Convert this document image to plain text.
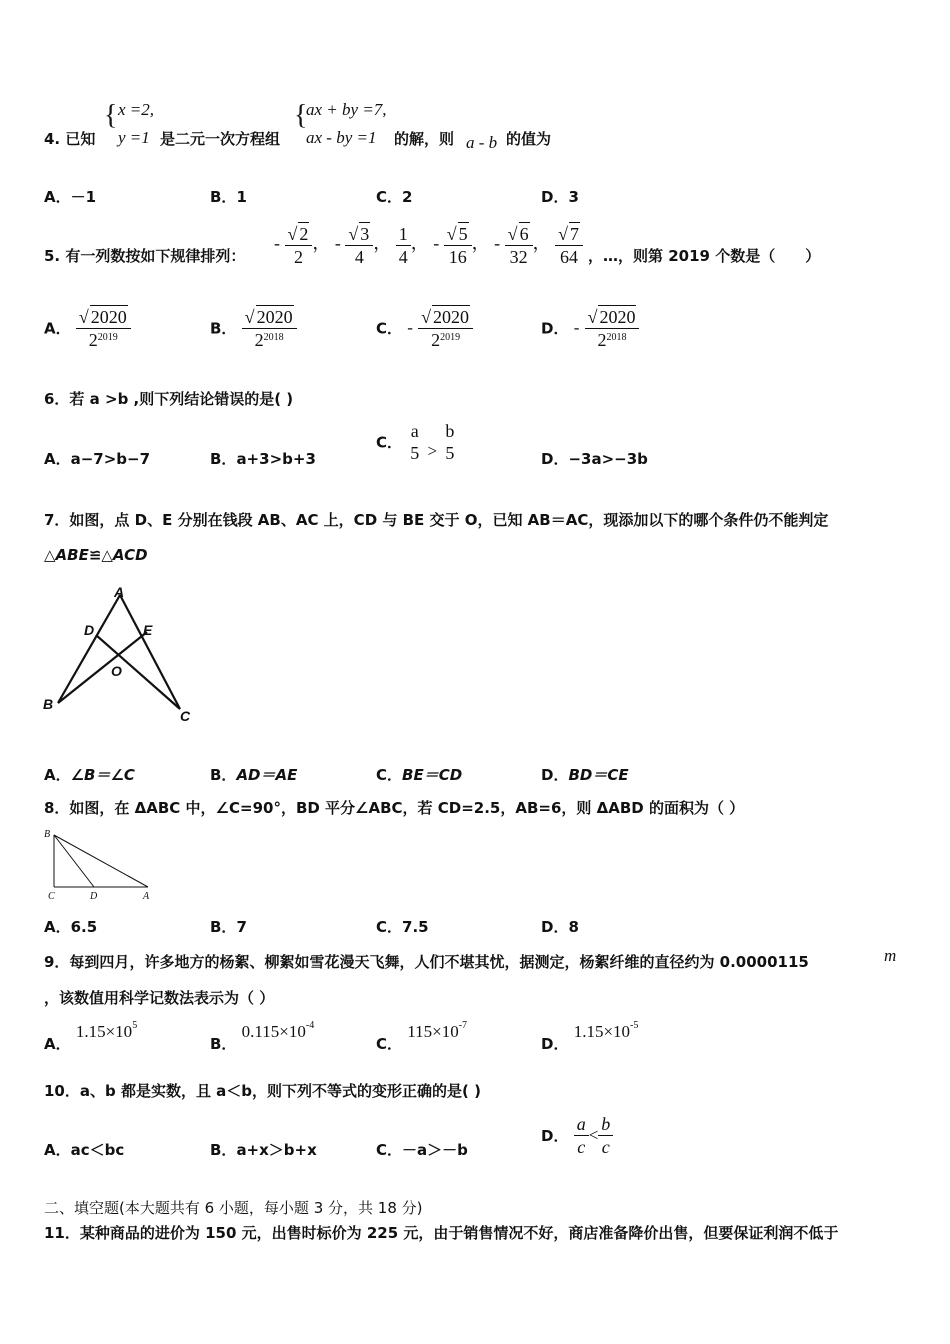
4. 已知
{ x =2,
y =1 是二元一次方程组
{
ax + by =7,
ax - by =1 的解，则 a - b 的值为
A．－1	B．1	C．2	D．3
5. 有一列数按如下规律排列：
- $\frac{√ 2}{2}$ ， - $\frac{√ 3}{4}$ ， $\frac{1}{4}$ ， - $\frac{√ 5}{16}$ ， - $\frac{√ 6}{32}$ ， $\frac{√ 7}{64}$ ，…，则第 2019 个数是（　　）
A． $\frac{√ 2020}{2^{2019}}$	B． $\frac{√ 2020}{2^{2018}}$	C． - $\frac{√ 2020}{2^{2019}}$	D． - $\frac{√ 2020}{2^{2018}}$
6．若 a >b ,则下列结论错误的是( )
A．a−7>b−7	B．a+3>b+3
C．
a
5 >
b
5	D．−3a>−3b
7．如图，点 D、E 分别在钱段 AB、AC 上，CD 与 BE 交于 O，已知 AB＝AC，现添加以下的哪个条件仍不能判定
△ABE≌△ACD
A
D	E
O
B
C
A．∠B＝∠C	B．AD＝AE	C．BE＝CD	D．BD＝CE
8．如图，在 ΔABC 中，∠C=90°，BD 平分∠ABC，若 CD=2.5，AB=6，则 ΔABD 的面积为（ ）
B
C	D	A
A．6.5	B．7	C．7.5	D．8
9．每到四月，许多地方的杨絮、柳絮如雪花漫天飞舞，人们不堪其忧，据测定，杨絮纤维的直径约为 0.0000115	m
，该数值用科学记数法表示为（ ）
A． $1.15\times 10^5$
B． $0.115\times 10^{-4}$
C． $115\times 10^{-7}$
D． $1.15\times 10^{-5}$
10．a、b 都是实数，且 a＜b，则下列不等式的变形正确的是( )
A．ac＜bc	B．a+x＞b+x	C．－a＞－b
D． $\frac{a}{c} < \frac{b}{c}$
二、填空题(本大题共有 6 小题，每小题 3 分，共 18 分)
11．某种商品的进价为 150 元，出售时标价为 225 元，由于销售情况不好，商店准备降价出售，但要保证利润不低于
